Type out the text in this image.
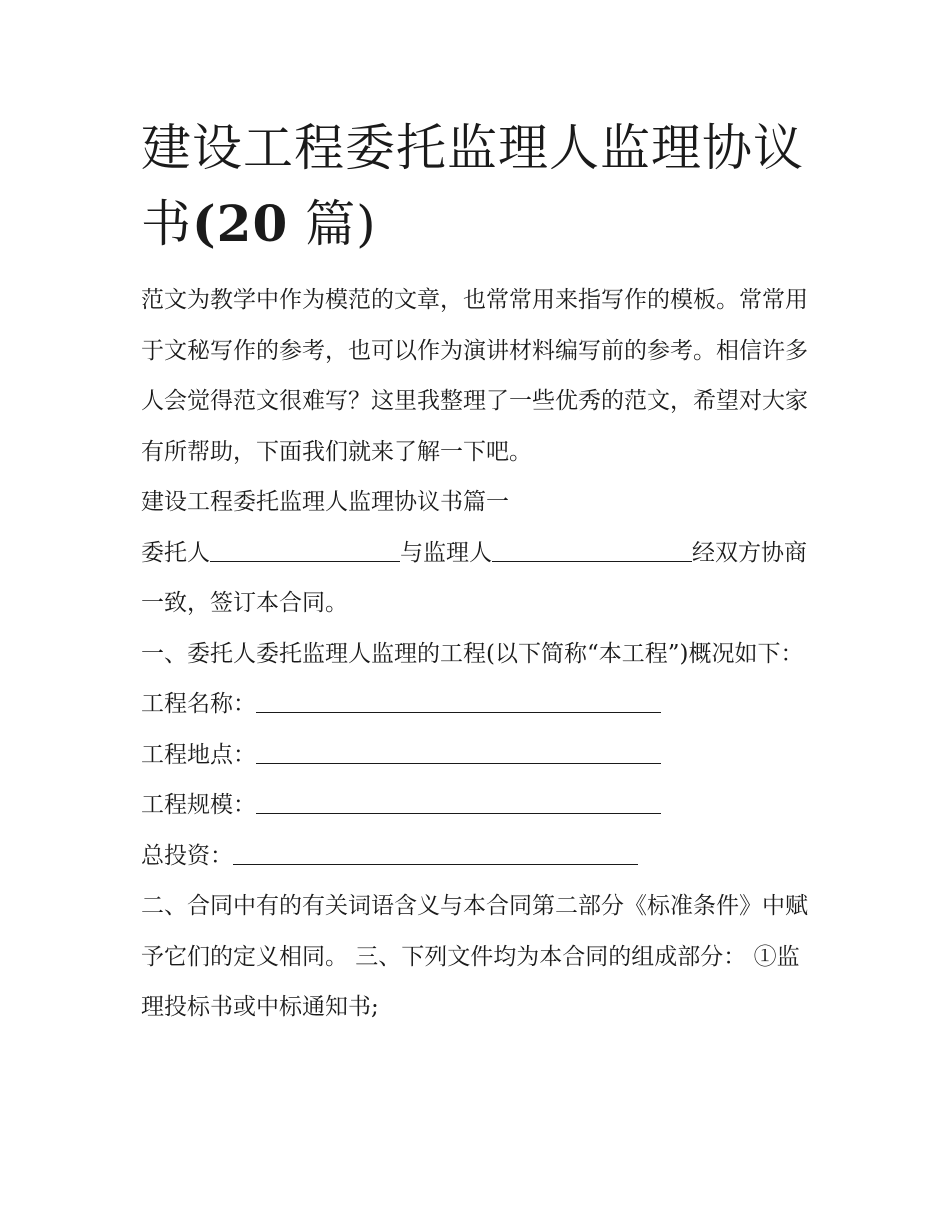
建设工程委托监理人监理协议
书(20 篇)

范文为教学中作为模范的文章，也常常用来指写作的模板。常常用于文秘写作的参考，也可以作为演讲材料编写前的参考。相信许多人会觉得范文很难写？这里我整理了一些优秀的范文，希望对大家有所帮助，下面我们就来了解一下吧。

建设工程委托监理人监理协议书篇一

委托人	与监理人	经双方协商一致，签订本合同。

一、委托人委托监理人监理的工程(以下简称“本工程”)概况如下：

工程名称：

工程地点：

工程规模：

总投资：

二、合同中有的有关词语含义与本合同第二部分《标准条件》中赋予它们的定义相同。 三、下列文件均为本合同的组成部分： ①监理投标书或中标通知书;
